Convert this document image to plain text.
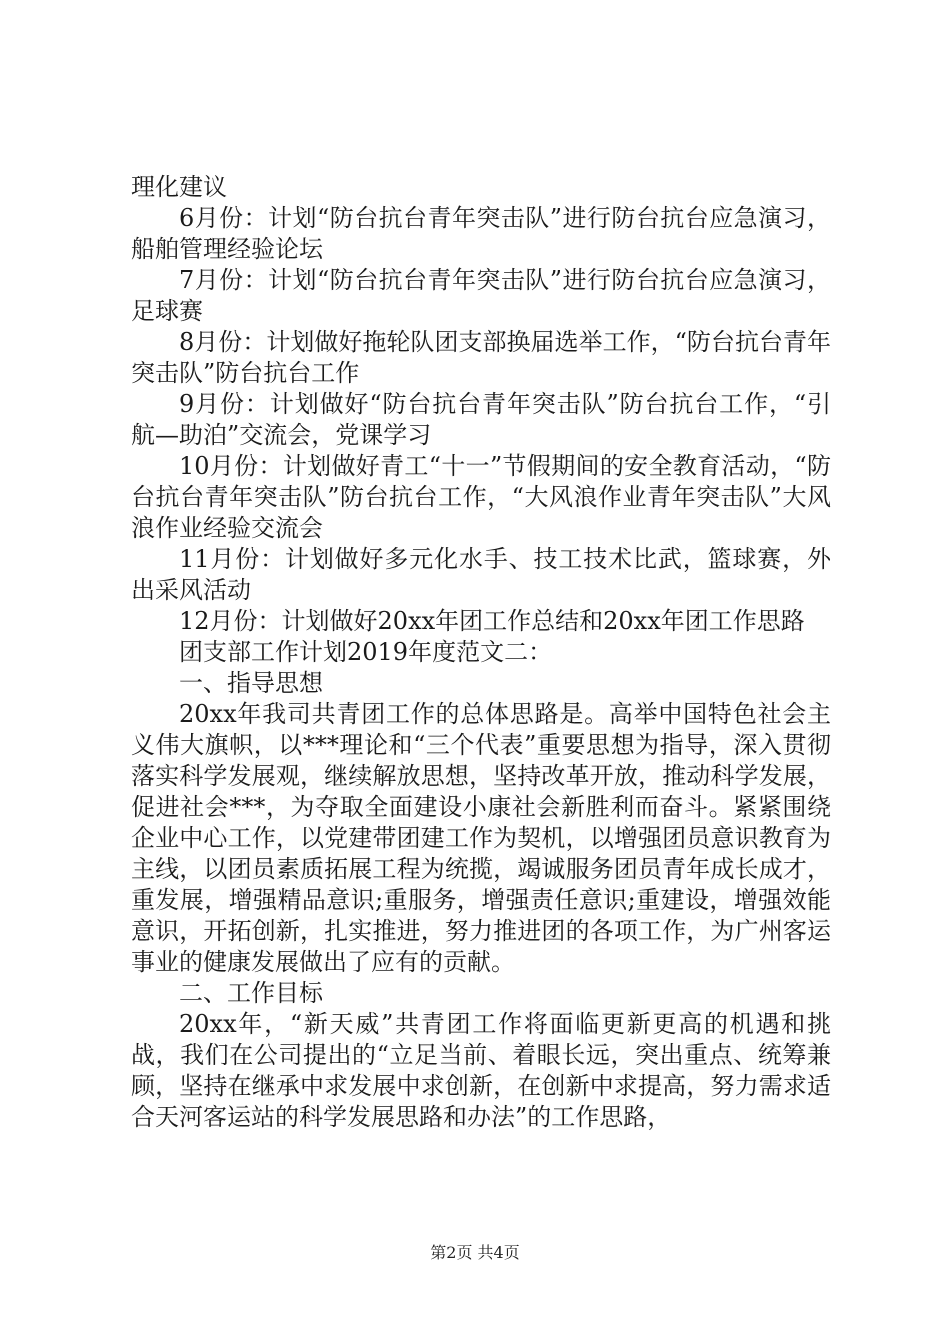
理化建议

6月份：计划“防台抗台青年突击队”进行防台抗台应急演习，船舶管理经验论坛

7月份：计划“防台抗台青年突击队”进行防台抗台应急演习，足球赛

8月份：计划做好拖轮队团支部换届选举工作，“防台抗台青年突击队”防台抗台工作

9月份：计划做好“防台抗台青年突击队”防台抗台工作，“引航—助泊”交流会，党课学习

10月份：计划做好青工“十一”节假期间的安全教育活动，“防台抗台青年突击队”防台抗台工作，“大风浪作业青年突击队”大风浪作业经验交流会

11月份：计划做好多元化水手、技工技术比武，篮球赛，外出采风活动

12月份：计划做好20xx年团工作总结和20xx年团工作思路

团支部工作计划2019年度范文二：

一、指导思想

20xx年我司共青团工作的总体思路是。高举中国特色社会主义伟大旗帜，以***理论和“三个代表”重要思想为指导，深入贯彻落实科学发展观，继续解放思想，坚持改革开放，推动科学发展，促进社会***，为夺取全面建设小康社会新胜利而奋斗。紧紧围绕企业中心工作，以党建带团建工作为契机，以增强团员意识教育为主线，以团员素质拓展工程为统揽，竭诚服务团员青年成长成才，重发展，增强精品意识;重服务，增强责任意识;重建设，增强效能意识，开拓创新，扎实推进，努力推进团的各项工作，为广州客运事业的健康发展做出了应有的贡献。

二、工作目标

20xx年，“新天威”共青团工作将面临更新更高的机遇和挑战，我们在公司提出的“立足当前、着眼长远，突出重点、统筹兼顾，坚持在继承中求发展中求创新，在创新中求提高，努力需求适合天河客运站的科学发展思路和办法”的工作思路，

第2页 共4页
